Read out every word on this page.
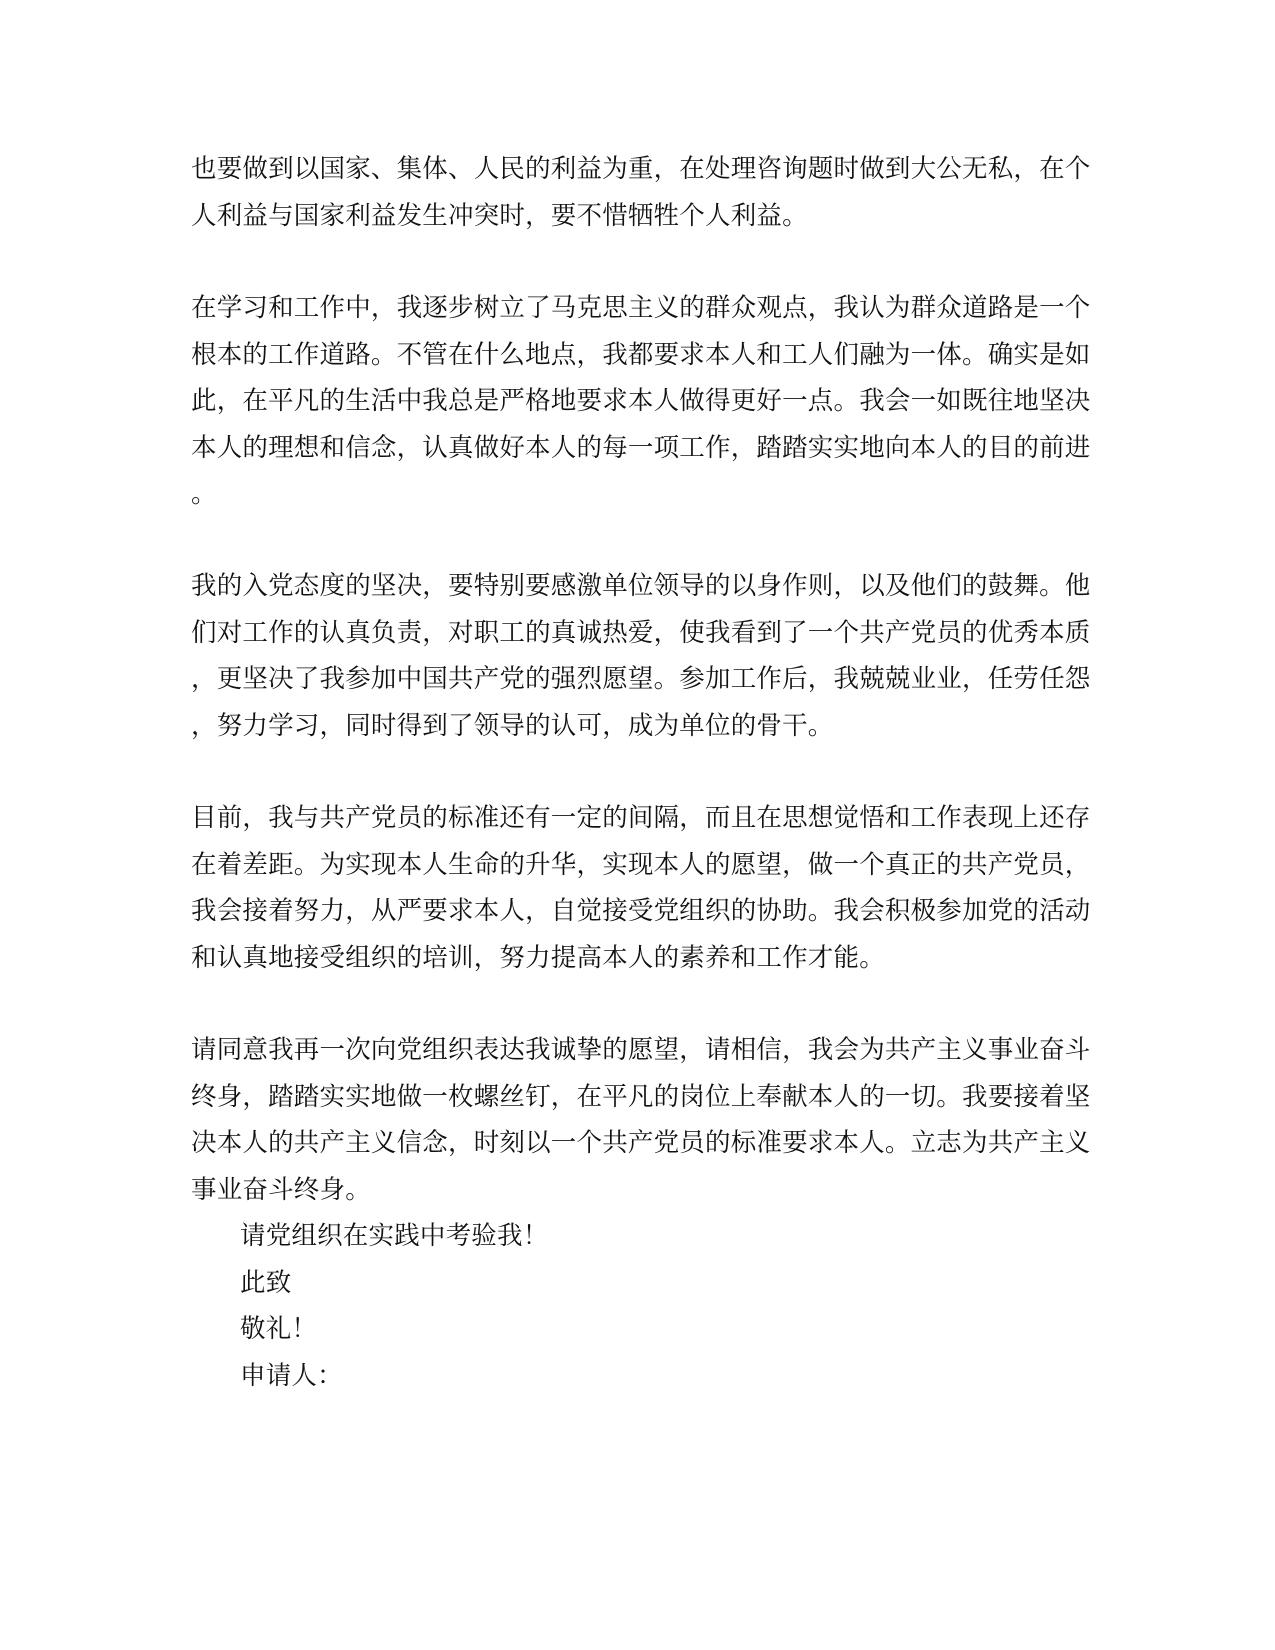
也要做到以国家、集体、人民的利益为重，在处理咨询题时做到大公无私，在个
人利益与国家利益发生冲突时，要不惜牺牲个人利益。
在学习和工作中，我逐步树立了马克思主义的群众观点，我认为群众道路是一个
根本的工作道路。不管在什么地点，我都要求本人和工人们融为一体。确实是如
此，在平凡的生活中我总是严格地要求本人做得更好一点。我会一如既往地坚决
本人的理想和信念，认真做好本人的每一项工作，踏踏实实地向本人的目的前进
。
我的入党态度的坚决，要特别要感激单位领导的以身作则，以及他们的鼓舞。他
们对工作的认真负责，对职工的真诚热爱，使我看到了一个共产党员的优秀本质
，更坚决了我参加中国共产党的强烈愿望。参加工作后，我兢兢业业，任劳任怨
，努力学习，同时得到了领导的认可，成为单位的骨干。
目前，我与共产党员的标准还有一定的间隔，而且在思想觉悟和工作表现上还存
在着差距。为实现本人生命的升华，实现本人的愿望，做一个真正的共产党员，
我会接着努力，从严要求本人，自觉接受党组织的协助。我会积极参加党的活动
和认真地接受组织的培训，努力提高本人的素养和工作才能。
请同意我再一次向党组织表达我诚挚的愿望，请相信，我会为共产主义事业奋斗
终身，踏踏实实地做一枚螺丝钉，在平凡的岗位上奉献本人的一切。我要接着坚
决本人的共产主义信念，时刻以一个共产党员的标准要求本人。立志为共产主义
事业奋斗终身。
请党组织在实践中考验我！
此致
敬礼！
申请人：
